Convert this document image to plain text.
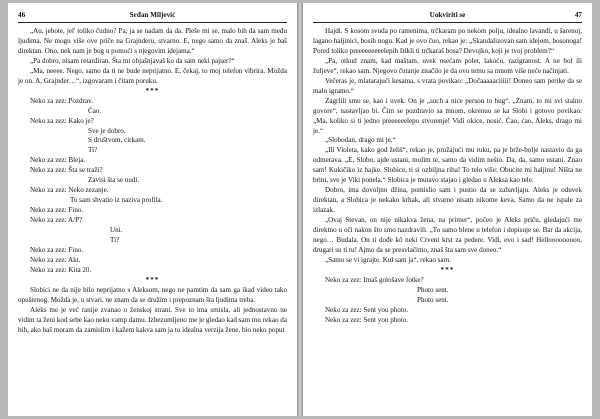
46	Srđan Miljević

„Au, jebote, jel' toliko čudno? Pa, ja se nadam da da. Pleše mi se, malo bih da sam među ljudima. Ne mogu više ove priče na Grajnderu, stvarno. E, nego samo da znaš. Aleks je baš direktan. Ono, nek nam je bog u pomoći s njegovim idejama.“

„Pa dobro, nisam retardiran. Šta mi objašnjavaš ko da sam neki pajser?“

„Ma, neeee. Nego, samo da ti ne bude neprijatno. E, čekaj, to moj telefon vibrira. Možda je on. A, Grajnder…“, izgovaram i čitam poruku.

***

Neko za zez: Pozdrav.

Ćao.

Neko za zez: Kako je?

Sve je dobro.

S društvom, cirkam.

Ti?

Neko za zez: Bleja.

Neko za zez: Šta se traži?

Zavisi šta se nudi.

Neko za zez: Neko zezanje.

To sam shvatio iz naziva profila.

Neko za zez: Fino.

Neko za zez: A/P?

Uni.

Ti?

Neko za zez: Fino.

Neko za zez: Akt.

Neko za zez: Kita 20.

***

Slobici ne da nije bilo neprijatno s Aleksom, nego ne pamtim da sam ga ikad video tako opuštenog. Možda je, u stvari, ne znam da se družim i prepoznam šta ljudima treba.

Aleks me je već ranije zvanao o ženskoj strani. Sve to ima smisla, ali jednostavno ne vidim ta ženi kod sebe kao neku vamp damu. Izbezumljeno me je gledao kad sam mu rekao da bih, ako baš moram da zamislim i kažem kakva sam ja to idealna verzija žene, bio neko poput

Uokviriti se	47

Hajdi. S kosom svuda po ramenima, trčkaram po nekom polju, idealno lavandi, u šarenoj, lagano haljinici, bosih nogu. Kad je ovo čuo, rekao je: „Skandalizovan sam idejom, bosonoga! Pored toliko preeeeeeeeelepih štikli ti trčkaraš bosa? Devojko, koji je tvoj problem?“

„Pa, otkud znam, kad maštam, uvek osećam polet, lakoću, razigranost. A ne bol ili žuljeve“, rekao sam. Njegovo čutanje značilo je da ovu temu sa mnom više neće načinjati.

Večeras je, mlatarajući kesama, s vrata povikao: „Dočaaaaaciiiii! Donео sam perike da se malo igramo.“

Zagrlili smo se, kao i uvek. On je „such a nice person to hug“. „Znam, to mi svi stalno govore“, nastavljao bi. Čim se pozdravio sa mnom, okrenuo se ka Slobi i gotovo povikao: „Ma, koliko si ti jedno preeeeeelepo stvorenje! Vidi okice, nosić. Ćao, ćao, Aleks, drago mi je.“

„Slobodan, drago mi je.“

„Ili Violeta, kako god želiš“, rekao je, pružajući mu ruku, pa je brže-bolje nastavio da ga odmerava. „E, Slobo, ajde ustani, molim te, samo da vidim nešto. Da, da, samo ustani. Znao sam! Kukičiko iz bajke. Slobice, ti si ozbiljna riba! To telo više: Obucite mi haljinu! Ništa ne brini, sve je Viki ponela.“ Slobica je mutavo stajao i gledao u Aleksa kao tele.

Dobro, ima dovoljno džina, pomislio sam i pustio da se zabavljaju. Aleks je oduvek direktan, a Slobica je nekako krhak, ali stvarno nisam nikome keva. Samo da ne ispale za izlazak.

„Ovaj Stevan, on nije nikakva žena, na primer“, počeo je Aleks priču, gledajući me direktno u oči nakon što smo nazdravili. „To samo blene u telefon i dopisuje se. Bar da akcija, nego… Budala. On ti dođe kô neki Crveni krst za pedere. Vidi, evo i sad! Hellooooooooo, drugari su ti tu! Ajmo da se presvlačimo, znaš šta sam sve doneo.“

„Samo se vi igrajte. Kul sam ja“, rekao sam.

***

Neko za zez: Imaš gološave fotke?

Photo sent.

Photo sent.

Neko za zez: Sent you photo.

Neko za zez: Sent you photo.
